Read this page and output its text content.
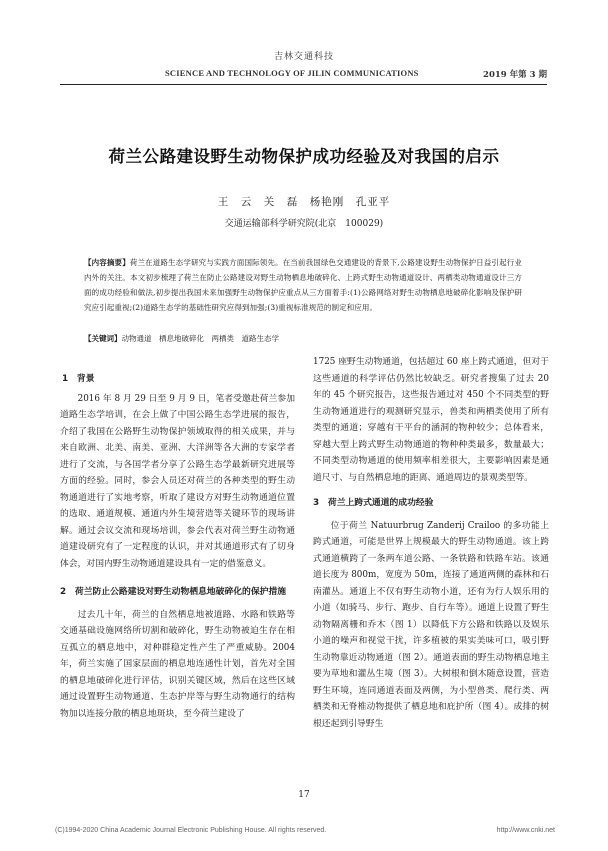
吉林交通科技
SCIENCE AND TECHNOLOGY OF JILIN COMMUNICATIONS	2019 年第 3 期
荷兰公路建设野生动物保护成功经验及对我国的启示
王　云　关　磊　杨艳刚　孔亚平
交通运输部科学研究院(北京　100029)
【内容摘要】荷兰在道路生态学研究与实践方面国际领先。在当前我国绿色交通建设的背景下,公路建设野生动物保护日益引起行业内外的关注。本文初步梳理了荷兰在防止公路建设对野生动物栖息地破碎化、上跨式野生动物通道设计、两栖类动物通道设计三方面的成功经验和做法,初步提出我国未来加强野生动物保护应重点从三方面着手:(1)公路网络对野生动物栖息地破碎化影响及保护研究应引起重视;(2)道路生态学的基础性研究应得到加强;(3)重视标准规范的制定和应用。
【关键词】动物通道　栖息地破碎化　两栖类　道路生态学
1　背景

2016 年 8 月 29 日至 9 月 9 日，笔者受邀赴荷兰参加道路生态学培训，在会上做了中国公路生态学进展的报告，介绍了我国在公路野生动物保护领域取得的相关成果，并与来自欧洲、北美、南美、亚洲、大洋洲等各大洲的专家学者进行了交流，与各国学者分享了公路生态学最新研究进展等方面的经验。同时，参会人员还对荷兰的各种类型的野生动物通道进行了实地考察，听取了建设方对野生动物通道位置的选取、通道规模、通道内外生境营造等关键环节的现场讲解。通过会议交流和现场培训，参会代表对荷兰野生动物通道建设研究有了一定程度的认识，并对其通道形式有了切身体会，对国内野生动物通道建设具有一定的借鉴意义。

2　荷兰防止公路建设对野生动物栖息地破碎化的保护措施

过去几十年，荷兰的自然栖息地被道路、水路和铁路等交通基础设施网络所切割和破碎化，野生动物被迫生存在相互孤立的栖息地中，对种群稳定性产生了严重威胁。2004 年，荷兰实施了国家层面的栖息地连通性计划，首先对全国的栖息地破碎化进行评估，识别关键区域，然后在这些区域通过设置野生动物通道、生态护岸等与野生动物通行的结构物加以连接分散的栖息地斑块，至今荷兰建设了

1725 座野生动物通道，包括超过 60 座上跨式通道，但对于这些通道的科学评估仍然比较缺乏。研究者搜集了过去 20 年的 45 个研究报告，这些报告通过对 450 个不同类型的野生动物通道进行的观测研究显示，兽类和两栖类使用了所有类型的通道；穿越有干平台的涵洞的物种较少；总体看来，穿越大型上跨式野生动物通道的物种种类最多，数量最大；不同类型动物通道的使用频率相差很大，主要影响因素是通道尺寸、与自然栖息地的距离、通道周边的景观类型等。

3　荷兰上跨式通道的成功经验

位于荷兰 Natuurbrug Zanderij Crailoo 的多功能上跨式通道，可能是世界上规模最大的野生动物通道。该上跨式通道横跨了一条两车道公路、一条铁路和铁路车站。该通道长度为 800m，宽度为 50m，连接了通道两侧的森林和石南灌丛。通道上不仅有野生动物小道，还有为行人娱乐用的小道（如骑马、步行、跑步、自行车等）。通道上设置了野生动物隔离栅和乔木（图 1）以降低下方公路和铁路以及娱乐小道的噪声和视觉干扰，许多植被的果实美味可口，吸引野生动物靠近动物通道（图 2）。通道表面的野生动物栖息地主要为草地和灌丛生境（图 3）。大树根和倒木随意设置，营造野生环境，连同通道表面及两侧，为小型兽类、爬行类、两栖类和无脊椎动物提供了栖息地和庇护所（图 4）。成排的树根还起到引导野生

17
(C)1994-2020 China Academic Journal Electronic Publishing House. All rights reserved.	http://www.cnki.net
